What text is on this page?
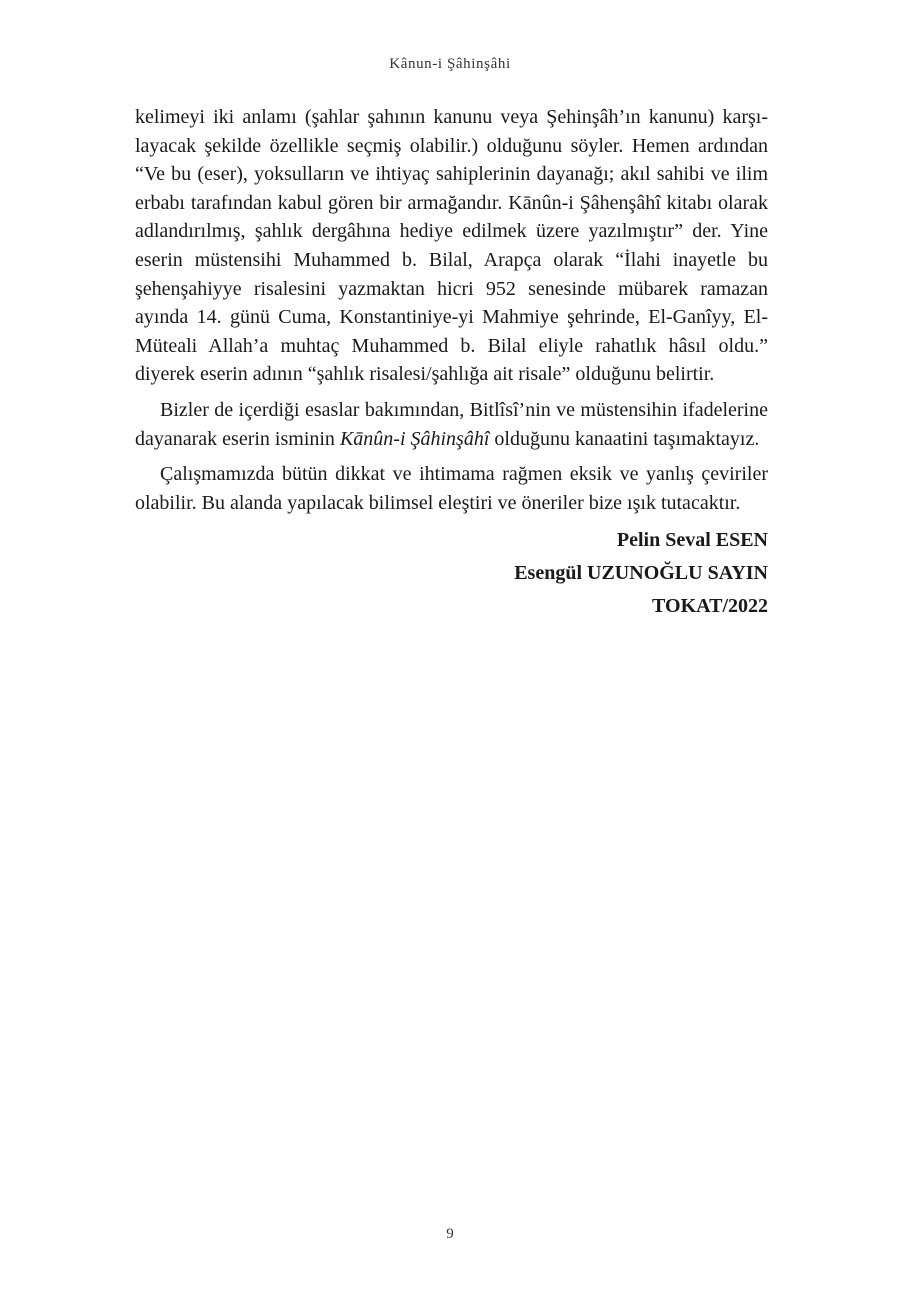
Kânun-i Şâhinşâhi

kelimeyi iki anlamı (şahlar şahının kanunu veya Şehinşâh’ın kanunu) karşı-layacak şekilde özellikle seçmiş olabilir.) olduğunu söyler. Hemen ardından “Ve bu (eser), yoksulların ve ihtiyaç sahiplerinin dayanağı; akıl sahibi ve ilim erbabı tarafından kabul gören bir armağandır. Kānûn-i Şâhenşâhî kitabı olarak adlandırılmış, şahlık dergâhına hediye edilmek üzere yazılmıştır” der. Yine eserin müstensihi Muhammed b. Bilal, Arapça olarak “İlahi inayetle bu şehenşahiyye risalesini yazmaktan hicri 952 senesinde mübarek ramazan ayında 14. günü Cuma, Konstantiniye-yi Mahmiye şehrinde, El-Ganîyy, El- Müteali Allah’a muhtaç Muhammed b. Bilal eliyle rahatlık hâsıl oldu.” diyerek eserin adının “şahlık risalesi/şahlığa ait risale” olduğunu belirtir.

Bizler de içerdiği esaslar bakımından, Bitlîsî’nin ve müstensihin ifadelerine dayanarak eserin isminin Kānûn-i Şâhinşâhî olduğunu kanaatini taşımaktayız.

Çalışmamızda bütün dikkat ve ihtimama rağmen eksik ve yanlış çeviriler olabilir. Bu alanda yapılacak bilimsel eleştiri ve öneriler bize ışık tutacaktır.

Pelin Seval ESEN
Esengül UZUNOĞLU SAYIN
TOKAT/2022
9
